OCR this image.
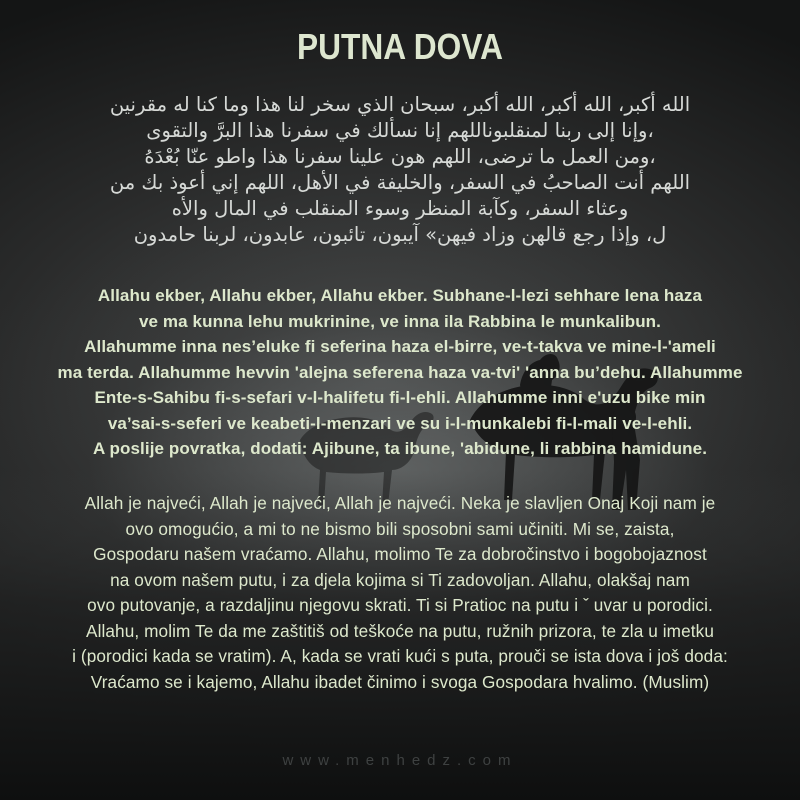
PUTNA DOVA
الله أكبر، الله أكبر، الله أكبر، سبحان الذي سخر لنا هذا وما كنا له مقرنين
،وإنا إلى ربنا لمنقلبوناللهم إنا نسألك في سفرنا هذا البرَّ والتقوى
،ومن العمل ما ترضى، اللهم هون علينا سفرنا هذا واطو عنّا بُعْدَهُ
اللهم أنت الصاحبُ في السفر، والخليفة في الأهل، اللهم إني أعوذ بك من
وعثاء السفر، وكآبة المنظر وسوء المنقلب في المال والأه
ل، وإذا رجع قالهن وزاد فيهن» آيبون، تائبون، عابدون، لربنا حامدون
Allahu ekber, Allahu ekber, Allahu ekber. Subhane-l-lezi sehhare lena haza
ve ma kunna lehu mukrinine, ve inna ila Rabbina le munkalibun.
Allahumme inna nes’eluke fi seferina haza el-birre, ve-t-takva ve mine-l-'ameli
ma terda. Allahumme hevvin 'alejna seferena haza va-tvi' 'anna bu’dehu. Allahumme
Ente-s-Sahibu fi-s-sefari v-l-halifetu fi-l-ehli. Allahumme inni e'uzu bike min
va’sai-s-seferi ve keabeti-l-menzari ve su i-l-munkalebi fi-l-mali ve-l-ehli.
A poslije povratka, dodati: Ajibune, ta ibune, 'abidune, li rabbina hamidune.
Allah je najveći, Allah je najveći, Allah je najveći. Neka je slavljen Onaj Koji nam je
ovo omogućio, a mi to ne bismo bili sposobni sami učiniti. Mi se, zaista,
Gospodaru našem vraćamo. Allahu, molimo Te za dobročinstvo i bogobojaznost
na ovom našem putu, i za djela kojima si Ti zadovoljan. Allahu, olakšaj nam
ovo putovanje, a razdaljinu njegovu skrati. Ti si Pratioc na putu i ˇ uvar u porodici.
Allahu, molim Te da me zaštitiš od teškoće na putu, ružnih prizora, te zla u imetku
i (porodici kada se vratim). A, kada se vrati kući s puta, prouči se ista dova i još doda:
Vraćamo se i kajemo, Allahu ibadet činimo i svoga Gospodara hvalimo. (Muslim)
www.menhedz.com
